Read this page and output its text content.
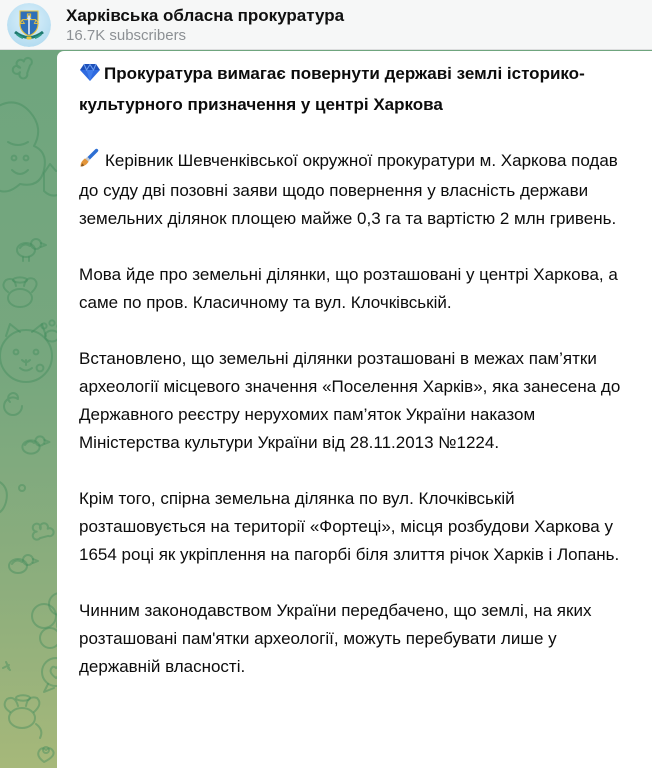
Прокуратура вимагає повернути державі землі історико-культурного призначення у центрі Харкова
Керівник Шевченківської окружної прокуратури м. Харкова подав до суду дві позовні заяви щодо повернення у власність держави земельних ділянок площею майже 0,3 га та вартістю 2 млн гривень.
Мова йде про земельні ділянки, що розташовані у центрі Харкова, а саме по пров. Класичному та вул. Клочківській.
Встановлено, що земельні ділянки розташовані в межах пам’ятки археології місцевого значення «Поселення Харків», яка занесена до Державного реєстру нерухомих пам’яток України наказом Міністерства культури України від 28.11.2013 №1224.
Крім того, спірна земельна ділянка по вул. Клочківській розташовується на території «Фортеці», місця розбудови Харкова у 1654 році як укріплення на пагорбі біля злиття річок Харків і Лопань.
Чинним законодавством України передбачено, що землі, на яких розташовані пам'ятки археології, можуть перебувати лише у державній власності.
Харківська обласна прокуратура
16.7K subscribers
